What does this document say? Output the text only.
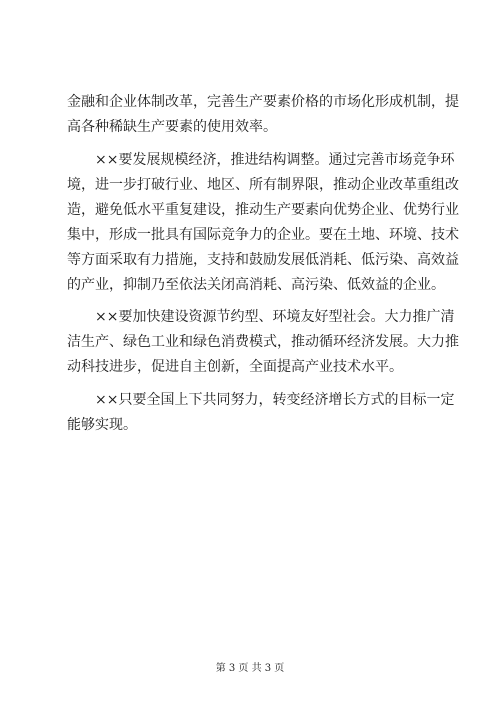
金融和企业体制改革，完善生产要素价格的市场化形成机制，提
高各种稀缺生产要素的使用效率。
××要发展规模经济，推进结构调整。通过完善市场竞争环
境，进一步打破行业、地区、所有制界限，推动企业改革重组改
造，避免低水平重复建设，推动生产要素向优势企业、优势行业
集中，形成一批具有国际竞争力的企业。要在土地、环境、技术
等方面采取有力措施，支持和鼓励发展低消耗、低污染、高效益
的产业，抑制乃至依法关闭高消耗、高污染、低效益的企业。
××要加快建设资源节约型、环境友好型社会。大力推广清
洁生产、绿色工业和绿色消费模式，推动循环经济发展。大力推
动科技进步，促进自主创新，全面提高产业技术水平。
××只要全国上下共同努力，转变经济增长方式的目标一定
能够实现。
第 3 页 共 3 页
